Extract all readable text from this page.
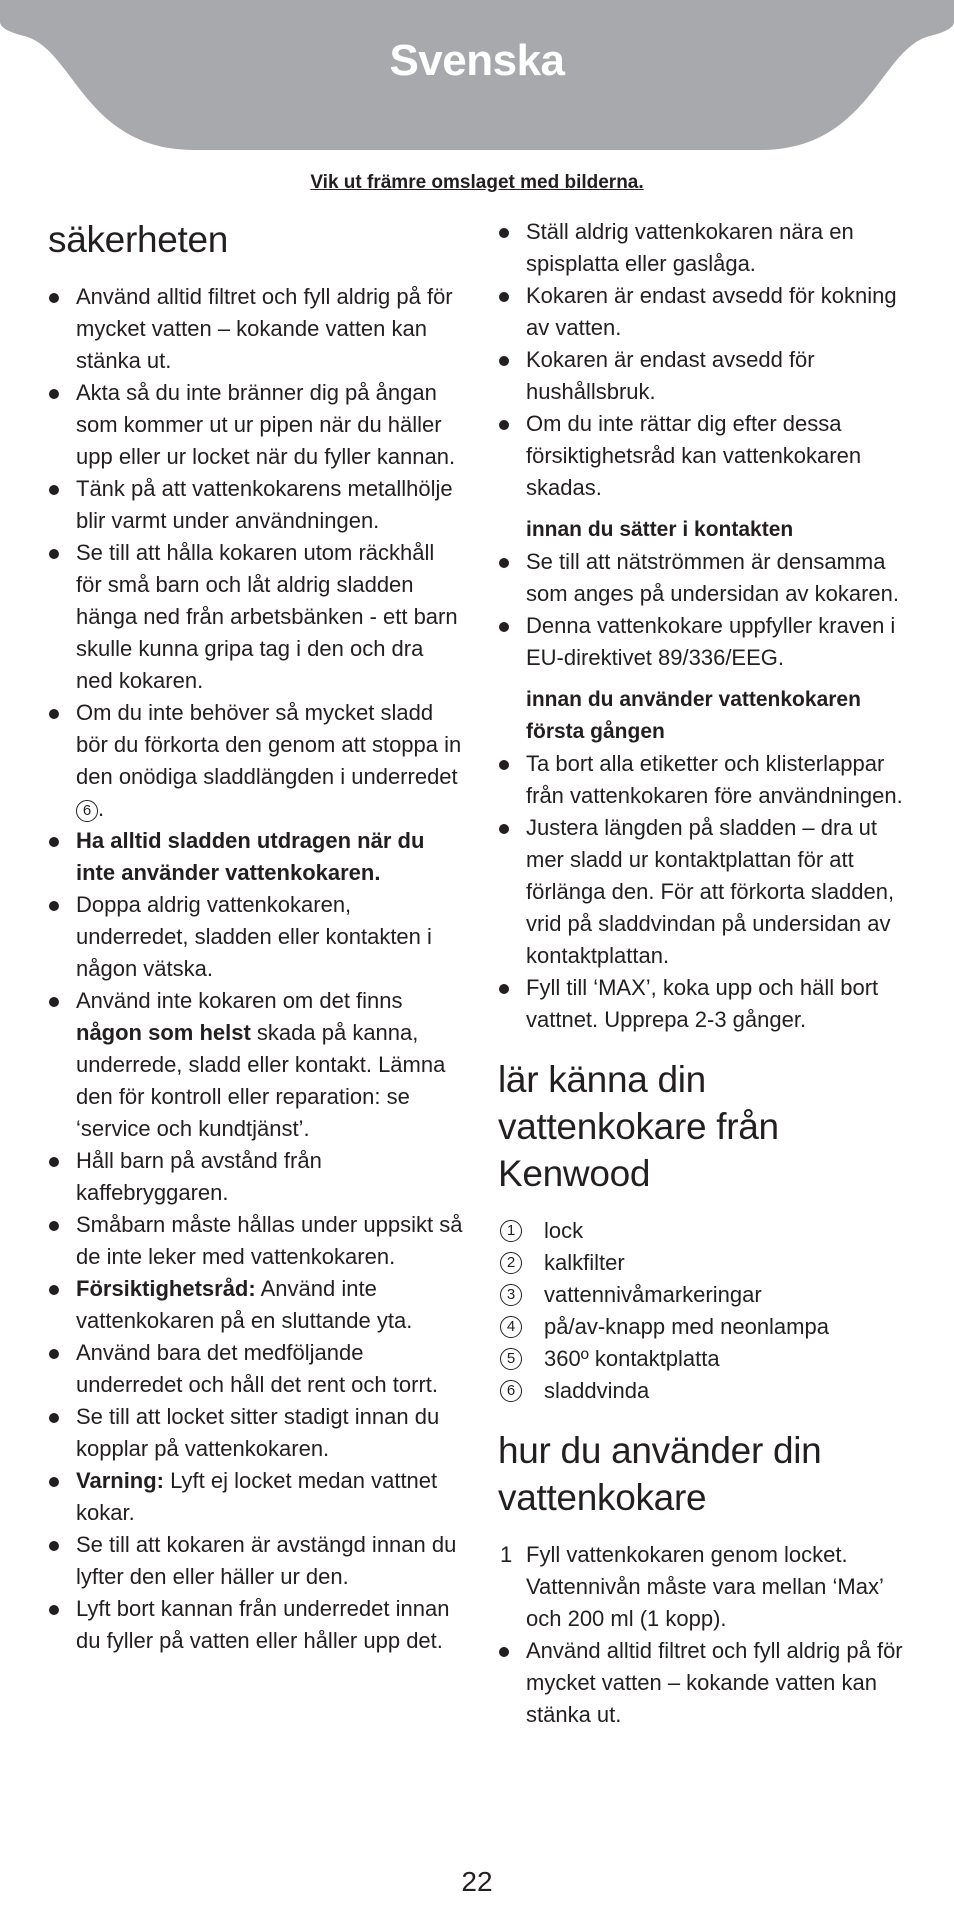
Svenska
Vik ut främre omslaget med bilderna.
säkerheten
Använd alltid filtret och fyll aldrig på för mycket vatten – kokande vatten kan stänka ut.
Akta så du inte bränner dig på ångan som kommer ut ur pipen när du häller upp eller ur locket när du fyller kannan.
Tänk på att vattenkokarens metallhölje blir varmt under användningen.
Se till att hålla kokaren utom räckhåll för små barn och låt aldrig sladden hänga ned från arbetsbänken - ett barn skulle kunna gripa tag i den och dra ned kokaren.
Om du inte behöver så mycket sladd bör du förkorta den genom att stoppa in den onödiga sladdlängden i underredet 6 .
Ha alltid sladden utdragen när du inte använder vattenkokaren.
Doppa aldrig vattenkokaren, underredet, sladden eller kontakten i någon vätska.
Använd inte kokaren om det finns någon som helst skada på kanna, underrede, sladd eller kontakt. Lämna den för kontroll eller reparation: se ‘service och kundtjänst’.
Håll barn på avstånd från kaffebryggaren.
Småbarn måste hållas under uppsikt så de inte leker med vattenkokaren.
Försiktighetsråd: Använd inte vattenkokaren på en sluttande yta.
Använd bara det medföljande underredet och håll det rent och torrt.
Se till att locket sitter stadigt innan du kopplar på vattenkokaren.
Varning: Lyft ej locket medan vattnet kokar.
Se till att kokaren är avstängd innan du lyfter den eller häller ur den.
Lyft bort kannan från underredet innan du fyller på vatten eller håller upp det.
Ställ aldrig vattenkokaren nära en spisplatta eller gaslåga.
Kokaren är endast avsedd för kokning av vatten.
Kokaren är endast avsedd för hushållsbruk.
Om du inte rättar dig efter dessa försiktighetsråd kan vattenkokaren skadas.
innan du sätter i kontakten
Se till att nätströmmen är densamma som anges på undersidan av kokaren.
Denna vattenkokare uppfyller kraven i EU-direktivet 89/336/EEG.
innan du använder vattenkokaren första gången
Ta bort alla etiketter och klisterlappar från vattenkokaren före användningen.
Justera längden på sladden – dra ut mer sladd ur kontaktplattan för att förlänga den. För att förkorta sladden, vrid på sladdvindan på undersidan av kontaktplattan.
Fyll till ‘MAX’, koka upp och häll bort vattnet. Upprepa 2-3 gånger.
lär känna din vattenkokare från Kenwood
1	lock
2	kalkfilter
3	vattennivåmarkeringar
4	på/av-knapp med neonlampa
5	360º kontaktplatta
6	sladdvinda
hur du använder din vattenkokare
1 Fyll vattenkokaren genom locket. Vattennivån måste vara mellan ‘Max’ och 200 ml (1 kopp).
Använd alltid filtret och fyll aldrig på för mycket vatten – kokande vatten kan stänka ut.
22
